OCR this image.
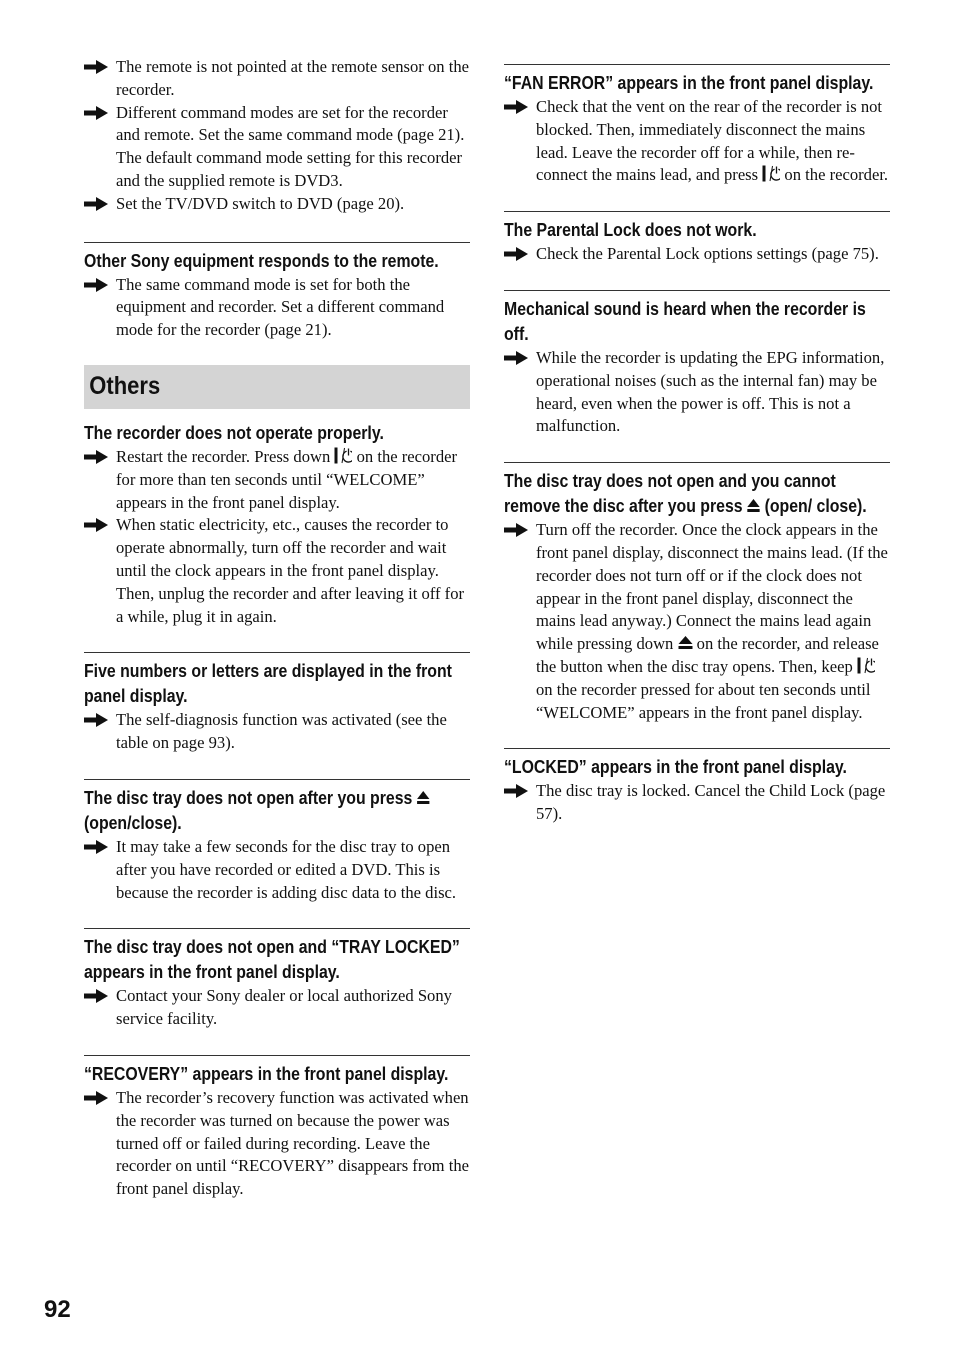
The remote is not pointed at the remote sensor on the recorder.
Different command modes are set for the recorder and remote. Set the same command mode (page 21). The default command mode setting for this recorder and the supplied remote is DVD3.
Set the TV/DVD switch to DVD (page 20).
Other Sony equipment responds to the remote.
The same command mode is set for both the equipment and recorder. Set a different command mode for the recorder (page 21).
Others
The recorder does not operate properly.
Restart the recorder. Press down on the recorder for more than ten seconds until “WELCOME” appears in the front panel display.
When static electricity, etc., causes the recorder to operate abnormally, turn off the recorder and wait until the clock appears in the front panel display. Then, unplug the recorder and after leaving it off for a while, plug it in again.
Five numbers or letters are displayed in the front panel display.
The self-diagnosis function was activated (see the table on page 93).
The disc tray does not open after you press  (open/close).
It may take a few seconds for the disc tray to open after you have recorded or edited a DVD. This is because the recorder is adding disc data to the disc.
The disc tray does not open and “TRAY LOCKED” appears in the front panel display.
Contact your Sony dealer or local authorized Sony service facility.
“RECOVERY” appears in the front panel display.
The recorder’s recovery function was activated when the recorder was turned on because the power was turned off or failed during recording. Leave the recorder on until “RECOVERY” disappears from the front panel display.
“FAN ERROR” appears in the front panel display.
Check that the vent on the rear of the recorder is not blocked. Then, immediately disconnect the mains lead. Leave the recorder off for a while, then re-connect the mains lead, and press on the recorder.
The Parental Lock does not work.
Check the Parental Lock options settings (page 75).
Mechanical sound is heard when the recorder is off.
While the recorder is updating the EPG information, operational noises (such as the internal fan) may be heard, even when the power is off. This is not a malfunction.
The disc tray does not open and you cannot remove the disc after you press (open/ close).
Turn off the recorder. Once the clock appears in the front panel display, disconnect the mains lead. (If the recorder does not turn off or if the clock does not appear in the front panel display, disconnect the mains lead anyway.) Connect the mains lead again while pressing down on the recorder, and release the button when the disc tray opens. Then, keep  on the recorder pressed for about ten seconds until “WELCOME” appears in the front panel display.
“LOCKED” appears in the front panel display.
The disc tray is locked. Cancel the Child Lock (page 57).
92
